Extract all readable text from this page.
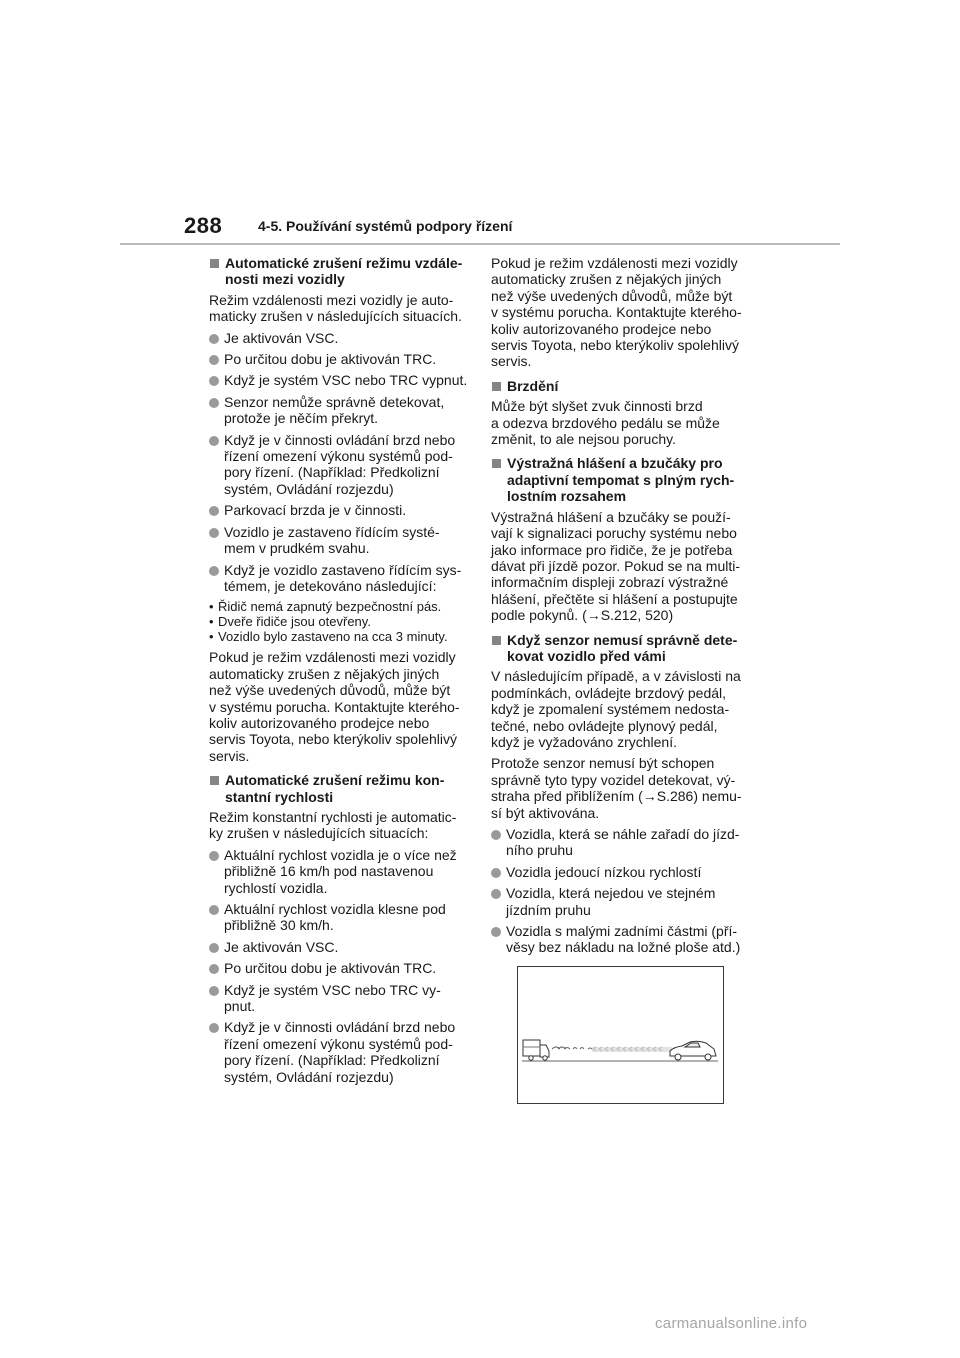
288	4-5. Používání systémů podpory řízení
Automatické zrušení režimu vzdále-
nosti mezi vozidly
Režim vzdálenosti mezi vozidly je auto-
maticky zrušen v následujících situacích.
Je aktivován VSC.
Po určitou dobu je aktivován TRC.
Když je systém VSC nebo TRC vypnut.
Senzor nemůže správně detekovat,
protože je něčím překryt.
Když je v činnosti ovládání brzd nebo
řízení omezení výkonu systémů pod-
pory řízení. (Například: Předkolizní
systém, Ovládání rozjezdu)
Parkovací brzda je v činnosti.
Vozidlo je zastaveno řídícím systé-
mem v prudkém svahu.
Když je vozidlo zastaveno řídícím sys-
témem, je detekováno následující:
• Řidič nemá zapnutý bezpečnostní pás.
• Dveře řidiče jsou otevřeny.
• Vozidlo bylo zastaveno na cca 3 minuty.
Pokud je režim vzdálenosti mezi vozidly
automaticky zrušen z nějakých jiných
než výše uvedených důvodů, může být
v systému porucha. Kontaktujte kterého-
koliv autorizovaného prodejce nebo
servis Toyota, nebo kterýkoliv spolehlivý
servis.
Automatické zrušení režimu kon-
stantní rychlosti
Režim konstantní rychlosti je automatic-
ky zrušen v následujících situacích:
Aktuální rychlost vozidla je o více než
přibližně 16 km/h pod nastavenou
rychlostí vozidla.
Aktuální rychlost vozidla klesne pod
přibližně 30 km/h.
Je aktivován VSC.
Po určitou dobu je aktivován TRC.
Když je systém VSC nebo TRC vy-
pnut.
Když je v činnosti ovládání brzd nebo
řízení omezení výkonu systémů pod-
pory řízení. (Například: Předkolizní
systém, Ovládání rozjezdu)
Pokud je režim vzdálenosti mezi vozidly
automaticky zrušen z nějakých jiných
než výše uvedených důvodů, může být
v systému porucha. Kontaktujte kterého-
koliv autorizovaného prodejce nebo
servis Toyota, nebo kterýkoliv spolehlivý
servis.
Brzdění
Může být slyšet zvuk činnosti brzd
a odezva brzdového pedálu se může
změnit, to ale nejsou poruchy.
Výstražná hlášení a bzučáky pro
adaptivní tempomat s plným rych-
lostním rozsahem
Výstražná hlášení a bzučáky se použí-
vají k signalizaci poruchy systému nebo
jako informace pro řidiče, že je potřeba
dávat při jízdě pozor. Pokud se na multi-
informačním displeji zobrazí výstražné
hlášení, přečtěte si hlášení a postupujte
podle pokynů. (→S.212, 520)
Když senzor nemusí správně dete-
kovat vozidlo před vámi
V následujícím případě, a v závislosti na
podmínkách, ovládejte brzdový pedál,
když je zpomalení systémem nedosta-
tečné, nebo ovládejte plynový pedál,
když je vyžadováno zrychlení.
Protože senzor nemusí být schopen
správně tyto typy vozidel detekovat, vý-
straha před přiblížením (→S.286) nemu-
sí být aktivována.
Vozidla, která se náhle zařadí do jízd-
ního pruhu
Vozidla jedoucí nízkou rychlostí
Vozidla, která nejedou ve stejném
jízdním pruhu
Vozidla s malými zadními částmi (pří-
věsy bez nákladu na ložné ploše atd.)
carmanualsonline.info
